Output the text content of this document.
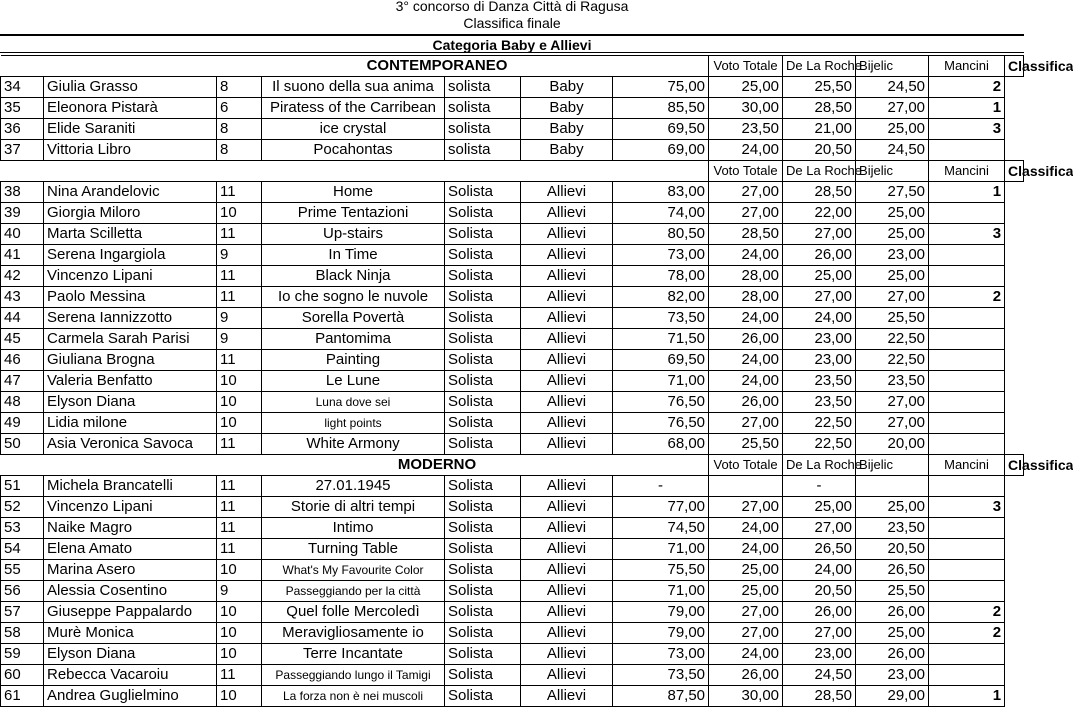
3° concorso di Danza Città di Ragusa
Classifica finale
Categoria Baby e Allievi
			CONTEMPORANEO				Voto Totale	De La Roche	Bijelic	Mancini	Classifica
34	Giulia Grasso	8	Il suono della sua anima	solista	Baby	75,00	25,00	25,50	24,50	2	
35	Eleonora Pistarà	6	Piratess of the Carribean	solista	Baby	85,50	30,00	28,50	27,00	1	
36	Elide Saraniti	8	ice crystal	solista	Baby	69,50	23,50	21,00	25,00	3	
37	Vittoria Libro	8	Pocahontas	solista	Baby	69,00	24,00	20,50	24,50		
							Voto Totale	De La Roche	Bijelic	Mancini	Classifica
38	Nina Arandelovic	11	Home	Solista	Allievi	83,00	27,00	28,50	27,50	1	
39	Giorgia Miloro	10	Prime Tentazioni	Solista	Allievi	74,00	27,00	22,00	25,00		
40	Marta Scilletta	11	Up-stairs	Solista	Allievi	80,50	28,50	27,00	25,00	3	
41	Serena Ingargiola	9	In Time	Solista	Allievi	73,00	24,00	26,00	23,00		
42	Vincenzo Lipani	11	Black Ninja	Solista	Allievi	78,00	28,00	25,00	25,00		
43	Paolo Messina	11	Io che sogno le nuvole	Solista	Allievi	82,00	28,00	27,00	27,00	2	
44	Serena Iannizzotto	9	Sorella Povertà	Solista	Allievi	73,50	24,00	24,00	25,50		
45	Carmela Sarah Parisi	9	Pantomima	Solista	Allievi	71,50	26,00	23,00	22,50		
46	Giuliana Brogna	11	Painting	Solista	Allievi	69,50	24,00	23,00	22,50		
47	Valeria Benfatto	10	Le Lune	Solista	Allievi	71,00	24,00	23,50	23,50		
48	Elyson Diana	10	Luna dove sei	Solista	Allievi	76,50	26,00	23,50	27,00		
49	Lidia milone	10	light points	Solista	Allievi	76,50	27,00	22,50	27,00		
50	Asia Veronica Savoca	11	White Armony	Solista	Allievi	68,00	25,50	22,50	20,00		
			MODERNO				Voto Totale	De La Roche	Bijelic	Mancini	Classifica
51	Michela Brancatelli	11	27.01.1945	Solista	Allievi	-		-			
52	Vincenzo Lipani	11	Storie di altri tempi	Solista	Allievi	77,00	27,00	25,00	25,00	3	
53	Naike Magro	11	Intimo	Solista	Allievi	74,50	24,00	27,00	23,50		
54	Elena Amato	11	Turning Table	Solista	Allievi	71,00	24,00	26,50	20,50		
55	Marina Asero	10	What's My Favourite Color	Solista	Allievi	75,50	25,00	24,00	26,50		
56	Alessia Cosentino	9	Passeggiando per la città	Solista	Allievi	71,00	25,00	20,50	25,50		
57	Giuseppe Pappalardo	10	Quel folle Mercoledì	Solista	Allievi	79,00	27,00	26,00	26,00	2	
58	Murè Monica	10	Meravigliosamente io	Solista	Allievi	79,00	27,00	27,00	25,00	2	
59	Elyson Diana	10	Terre Incantate	Solista	Allievi	73,00	24,00	23,00	26,00		
60	Rebecca Vacaroiu	11	Passeggiando lungo il Tamigi	Solista	Allievi	73,50	26,00	24,50	23,00		
61	Andrea Guglielmino	10	La forza non è nei muscoli	Solista	Allievi	87,50	30,00	28,50	29,00	1	
